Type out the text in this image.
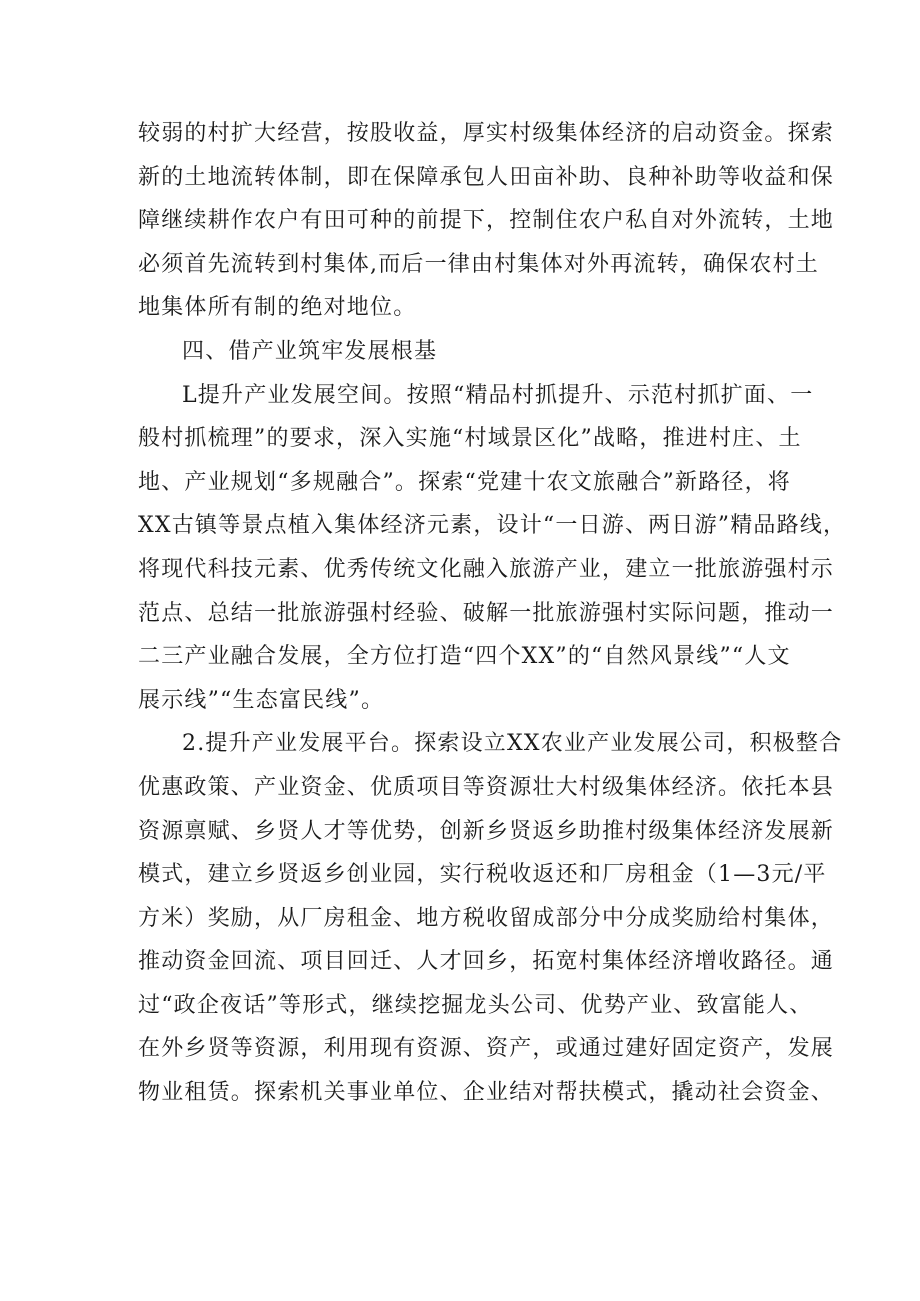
较弱的村扩大经营，按股收益，厚实村级集体经济的启动资金。探索
新的土地流转体制，即在保障承包人田亩补助、良种补助等收益和保
障继续耕作农户有田可种的前提下，控制住农户私自对外流转，土地
必须首先流转到村集体,而后一律由村集体对外再流转，确保农村土
地集体所有制的绝对地位。
四、借产业筑牢发展根基
L提升产业发展空间。按照“精品村抓提升、示范村抓扩面、一
般村抓梳理”的要求，深入实施“村域景区化”战略，推进村庄、土
地、产业规划“多规融合”。探索“党建十农文旅融合”新路径，将
XX古镇等景点植入集体经济元素，设计“一日游、两日游”精品路线，
将现代科技元素、优秀传统文化融入旅游产业，建立一批旅游强村示
范点、总结一批旅游强村经验、破解一批旅游强村实际问题，推动一
二三产业融合发展，全方位打造“四个XX”的“自然风景线”“人文
展示线”“生态富民线”。
2.提升产业发展平台。探索设立XX农业产业发展公司，积极整合
优惠政策、产业资金、优质项目等资源壮大村级集体经济。依托本县
资源禀赋、乡贤人才等优势，创新乡贤返乡助推村级集体经济发展新
模式，建立乡贤返乡创业园，实行税收返还和厂房租金（1—3元/平
方米）奖励，从厂房租金、地方税收留成部分中分成奖励给村集体，
推动资金回流、项目回迁、人才回乡，拓宽村集体经济增收路径。通
过“政企夜话”等形式，继续挖掘龙头公司、优势产业、致富能人、
在外乡贤等资源，利用现有资源、资产，或通过建好固定资产，发展
物业租赁。探索机关事业单位、企业结对帮扶模式，撬动社会资金、
